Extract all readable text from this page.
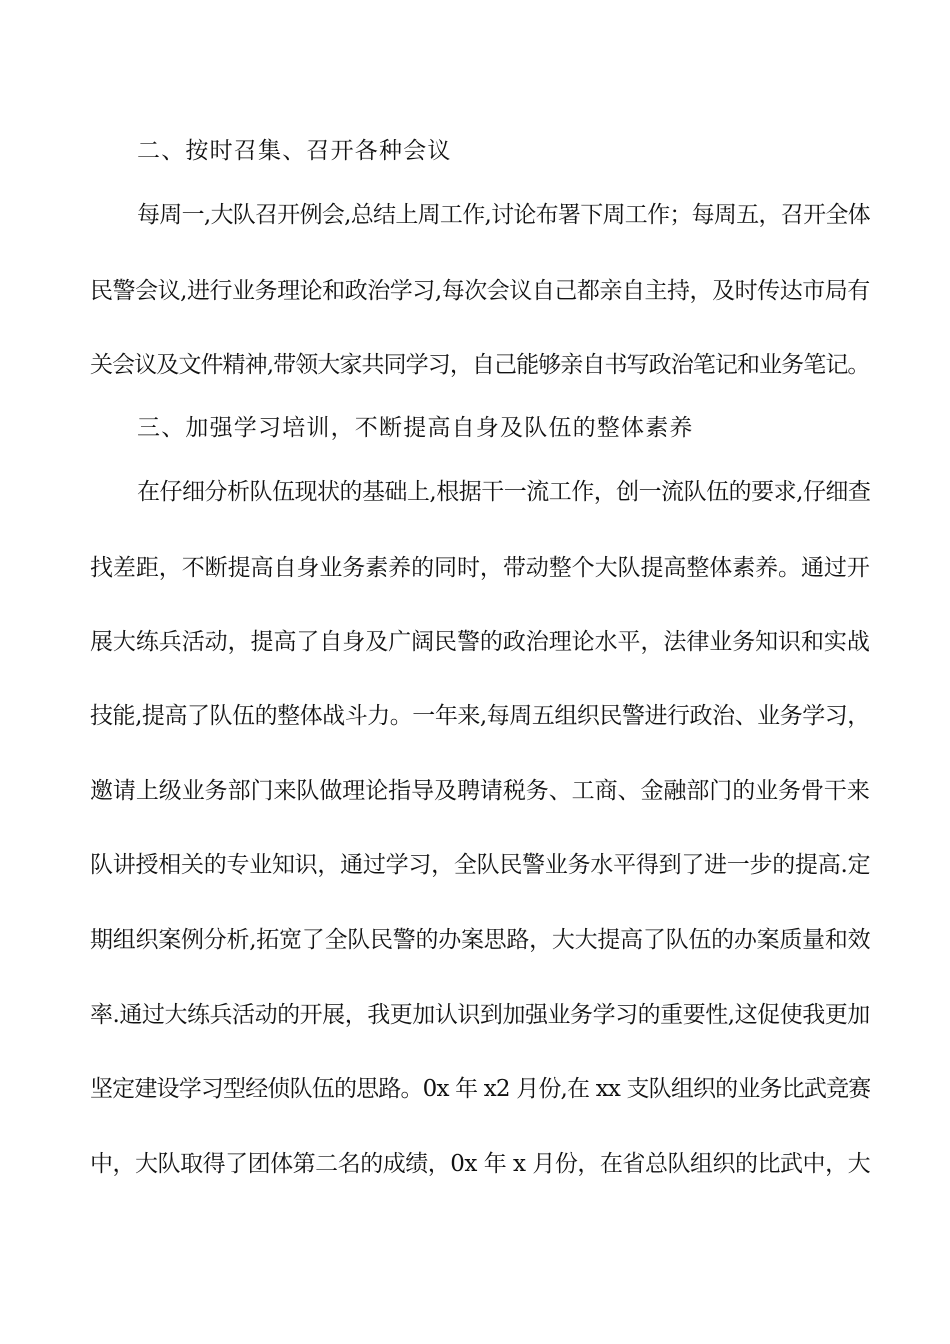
二、按时召集、召开各种会议
每周一,大队召开例会,总结上周工作,讨论布署下周工作；每周五，召开全体
民警会议,进行业务理论和政治学习,每次会议自己都亲自主持，及时传达市局有
关会议及文件精神,带领大家共同学习，自己能够亲自书写政治笔记和业务笔记。
三、加强学习培训，不断提高自身及队伍的整体素养
在仔细分析队伍现状的基础上,根据干一流工作，创一流队伍的要求,仔细查
找差距，不断提高自身业务素养的同时，带动整个大队提高整体素养。通过开
展大练兵活动，提高了自身及广阔民警的政治理论水平，法律业务知识和实战
技能,提高了队伍的整体战斗力。一年来,每周五组织民警进行政治、业务学习，
邀请上级业务部门来队做理论指导及聘请税务、工商、金融部门的业务骨干来
队讲授相关的专业知识，通过学习，全队民警业务水平得到了进一步的提高.定
期组织案例分析,拓宽了全队民警的办案思路，大大提高了队伍的办案质量和效
率.通过大练兵活动的开展，我更加认识到加强业务学习的重要性,这促使我更加
坚定建设学习型经侦队伍的思路。0x 年 x2 月份,在 xx 支队组织的业务比武竞赛
中，大队取得了团体第二名的成绩，0x 年 x 月份，在省总队组织的比武中，大
